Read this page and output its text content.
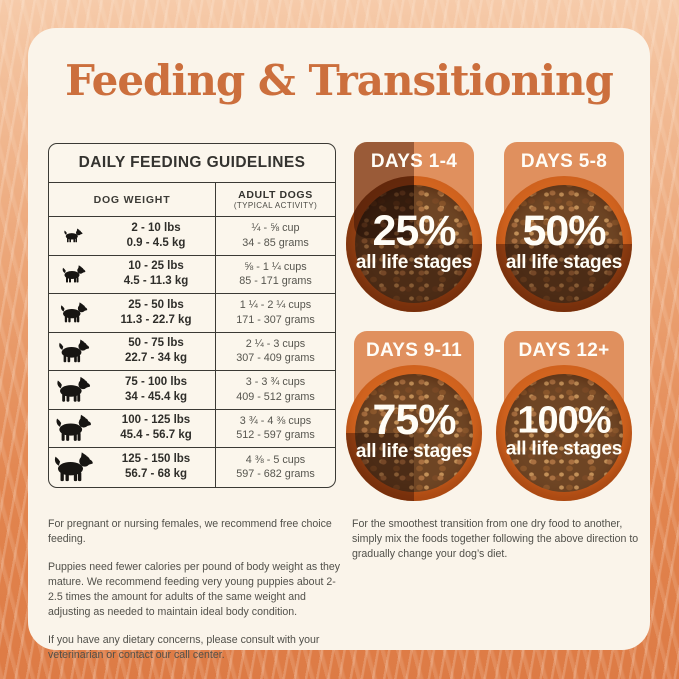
Feeding & Transitioning
DAILY FEEDING GUIDELINES
DOG WEIGHT	ADULT DOGS
(TYPICAL ACTIVITY)
2 - 10 lbs
0.9 - 4.5 kg
¼ - ⅝ cup
34 - 85 grams
10 - 25 lbs
4.5 - 11.3 kg
⅝ - 1 ¼ cups
85 - 171 grams
25 - 50 lbs
11.3 - 22.7 kg
1 ¼ - 2 ¼ cups
171 - 307 grams
50 - 75 lbs
22.7 - 34 kg
2 ¼ - 3 cups
307 - 409 grams
75 - 100 lbs
34 - 45.4 kg
3 - 3 ¾ cups
409 - 512 grams
100 - 125 lbs
45.4 - 56.7 kg
3 ¾ - 4 ⅜ cups
512 - 597 grams
125 - 150 lbs
56.7 - 68 kg
4 ⅜ - 5 cups
597 - 682 grams
DAYS 1-4
25%
all life stages
DAYS 5-8
50%
all life stages
DAYS 9-11
75%
all life stages
DAYS 12+
100%
all life stages

For pregnant or nursing females, we recommend free choice feeding.

Puppies need fewer calories per pound of body weight as they mature. We recommend feeding very young puppies about 2-2.5 times the amount for adults of the same weight and adjusting as needed to maintain ideal body condition.

If you have any dietary concerns, please consult with your veterinarian or contact our call center.

For the smoothest transition from one dry food to another, simply mix the foods together following the above direction to gradually change your dog’s diet.
